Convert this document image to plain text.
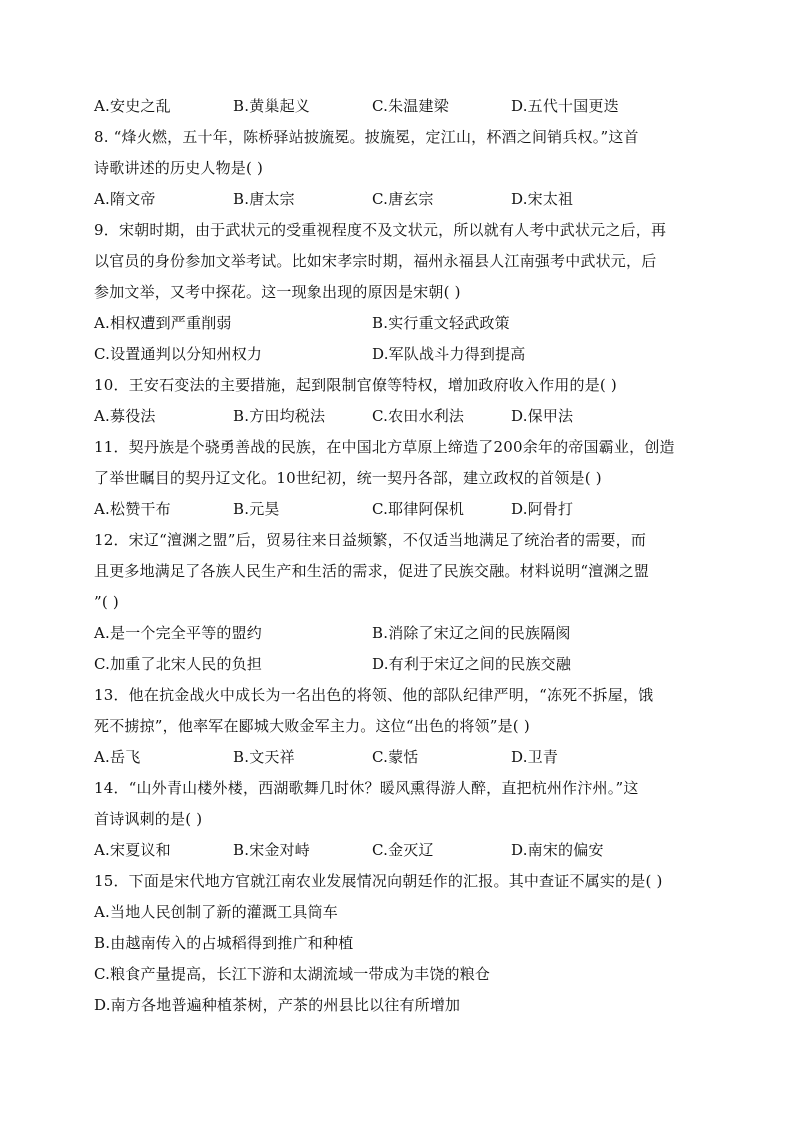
A.安史之乱	B.黄巢起义	C.朱温建梁	D.五代十国更迭
8. “烽火燃，五十年，陈桥驿站披旒冕。披旒冕，定江山，杯酒之间销兵权。”这首
诗歌讲述的历史人物是( )
A.隋文帝	B.唐太宗	C.唐玄宗	D.宋太祖
9．宋朝时期，由于武状元的受重视程度不及文状元，所以就有人考中武状元之后，再
以官员的身份参加文举考试。比如宋孝宗时期，福州永福县人江南强考中武状元，后
参加文举，又考中探花。这一现象出现的原因是宋朝( )
A.相权遭到严重削弱	B.实行重文轻武政策
C.设置通判以分知州权力	D.军队战斗力得到提高
10．王安石变法的主要措施，起到限制官僚等特权，增加政府收入作用的是( )
A.募役法	B.方田均税法	C.农田水利法	D.保甲法
11．契丹族是个骁勇善战的民族，在中国北方草原上缔造了200余年的帝国霸业，创造
了举世瞩目的契丹辽文化。10世纪初，统一契丹各部，建立政权的首领是( )
A.松赞干布	B.元昊	C.耶律阿保机	D.阿骨打
12．宋辽“澶渊之盟”后，贸易往来日益频繁，不仅适当地满足了统治者的需要，而
且更多地满足了各族人民生产和生活的需求，促进了民族交融。材料说明“澶渊之盟
”( )
A.是一个完全平等的盟约	B.消除了宋辽之间的民族隔阂
C.加重了北宋人民的负担	D.有利于宋辽之间的民族交融
13．他在抗金战火中成长为一名出色的将领、他的部队纪律严明，“冻死不拆屋，饿
死不掳掠”，他率军在郾城大败金军主力。这位“出色的将领”是( )
A.岳飞	B.文天祥	C.蒙恬	D.卫青
14．“山外青山楼外楼，西湖歌舞几时休？暖风熏得游人醉，直把杭州作汴州。”这
首诗讽刺的是( )
A.宋夏议和	B.宋金对峙	C.金灭辽	D.南宋的偏安
15．下面是宋代地方官就江南农业发展情况向朝廷作的汇报。其中查证不属实的是( )
A.当地人民创制了新的灌溉工具筒车
B.由越南传入的占城稻得到推广和种植
C.粮食产量提高，长江下游和太湖流域一带成为丰饶的粮仓
D.南方各地普遍种植茶树，产茶的州县比以往有所增加
